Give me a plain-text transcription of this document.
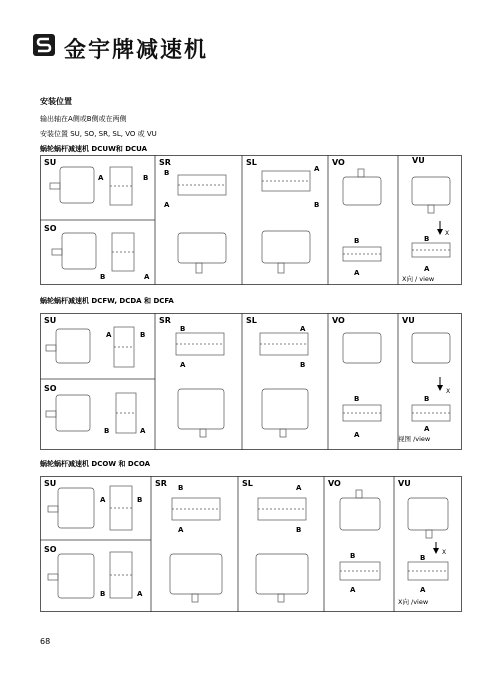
金宇牌减速机
安装位置
输出轴在A侧或B侧或在两侧
安装位置 SU, SO, SR, SL, VO 或 VU
蜗轮蜗杆减速机 DCUW和 DCUA
SU
SO
SR	SL	VO	VU
A	B
B	A
B
A
A
B
B
A
X
B
A
X向 / view
蜗轮蜗杆减速机 DCFW, DCDA 和 DCFA
SU
SO
SR	SL	VO	VU
A	B
B	A
B
A
A
B
B
A
X
B
A
视图 /view
蜗轮蜗杆减速机 DCOW 和 DCOA
SU
SO
SR	SL	VO	VU
A	B
B	A
B
A
A
B
B
A
X
B
A
X向 /view
68
